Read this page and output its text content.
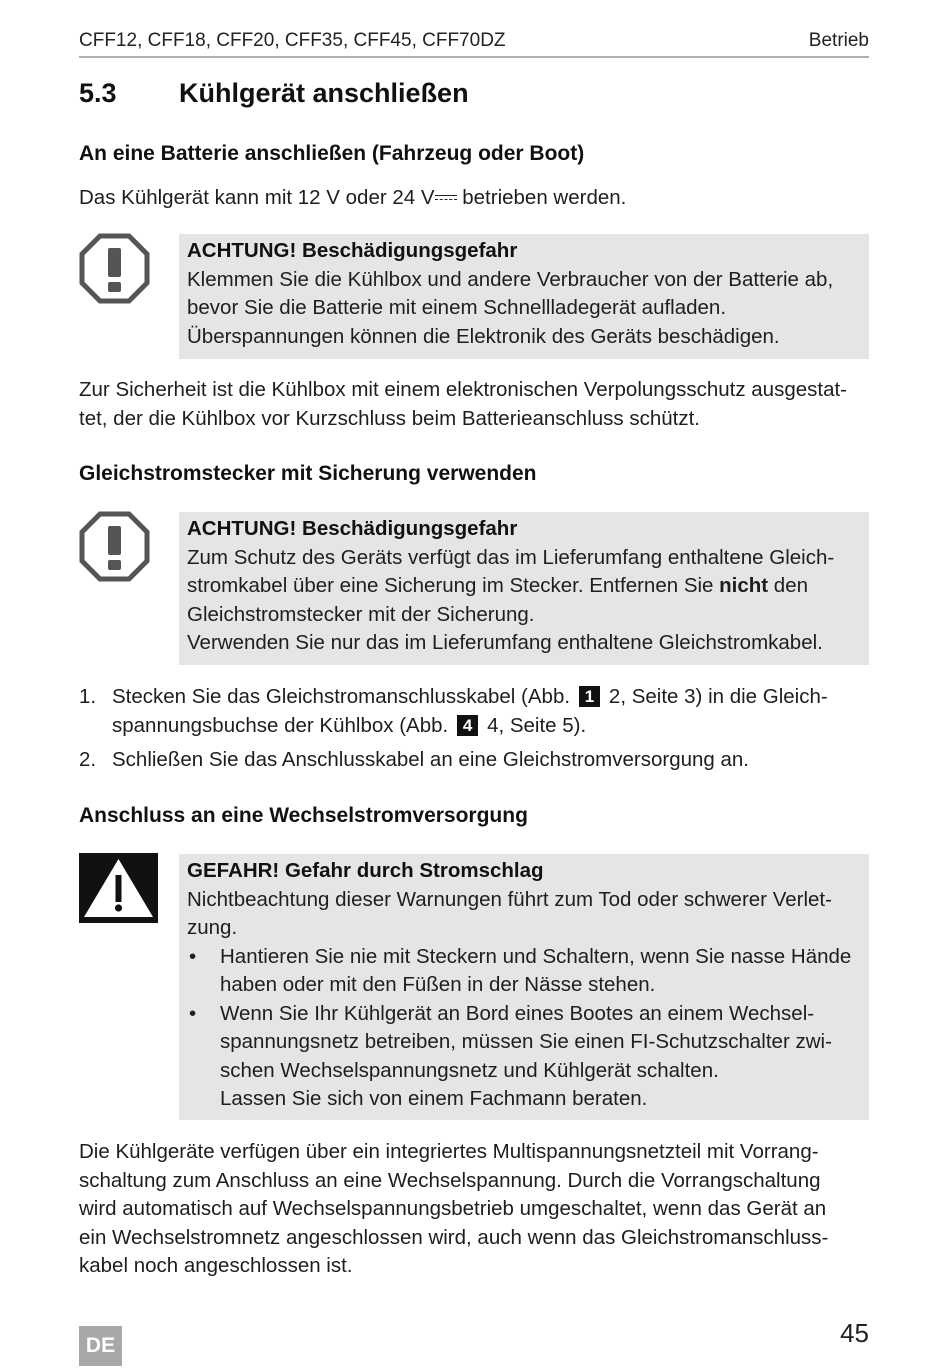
CFF12, CFF18, CFF20, CFF35, CFF45, CFF70DZ	Betrieb
5.3 Kühlgerät anschließen
An eine Batterie anschließen (Fahrzeug oder Boot)
Das Kühlgerät kann mit 12 V oder 24 V betrieben werden.
ACHTUNG! Beschädigungsgefahr
Klemmen Sie die Kühlbox und andere Verbraucher von der Batterie ab,
bevor Sie die Batterie mit einem Schnellladegerät aufladen.
Überspannungen können die Elektronik des Geräts beschädigen.
Zur Sicherheit ist die Kühlbox mit einem elektronischen Verpolungsschutz ausgestat-
tet, der die Kühlbox vor Kurzschluss beim Batterieanschluss schützt.
Gleichstromstecker mit Sicherung verwenden
ACHTUNG! Beschädigungsgefahr
Zum Schutz des Geräts verfügt das im Lieferumfang enthaltene Gleich-
stromkabel über eine Sicherung im Stecker. Entfernen Sie nicht den
Gleichstromstecker mit der Sicherung.
Verwenden Sie nur das im Lieferumfang enthaltene Gleichstromkabel.
1. Stecken Sie das Gleichstromanschlusskabel (Abb. 1 2, Seite 3) in die Gleich-
spannungsbuchse der Kühlbox (Abb. 4 4, Seite 5).
2. Schließen Sie das Anschlusskabel an eine Gleichstromversorgung an.
Anschluss an eine Wechselstromversorgung
GEFAHR! Gefahr durch Stromschlag
Nichtbeachtung dieser Warnungen führt zum Tod oder schwerer Verlet-
zung.
• Hantieren Sie nie mit Steckern und Schaltern, wenn Sie nasse Hände
haben oder mit den Füßen in der Nässe stehen.
• Wenn Sie Ihr Kühlgerät an Bord eines Bootes an einem Wechsel-
spannungsnetz betreiben, müssen Sie einen FI-Schutzschalter zwi-
schen Wechselspannungsnetz und Kühlgerät schalten.
Lassen Sie sich von einem Fachmann beraten.
Die Kühlgeräte verfügen über ein integriertes Multispannungsnetzteil mit Vorrang-
schaltung zum Anschluss an eine Wechselspannung. Durch die Vorrangschaltung
wird automatisch auf Wechselspannungsbetrieb umgeschaltet, wenn das Gerät an
ein Wechselstromnetz angeschlossen wird, auch wenn das Gleichstromanschluss-
kabel noch angeschlossen ist.
DE	45
